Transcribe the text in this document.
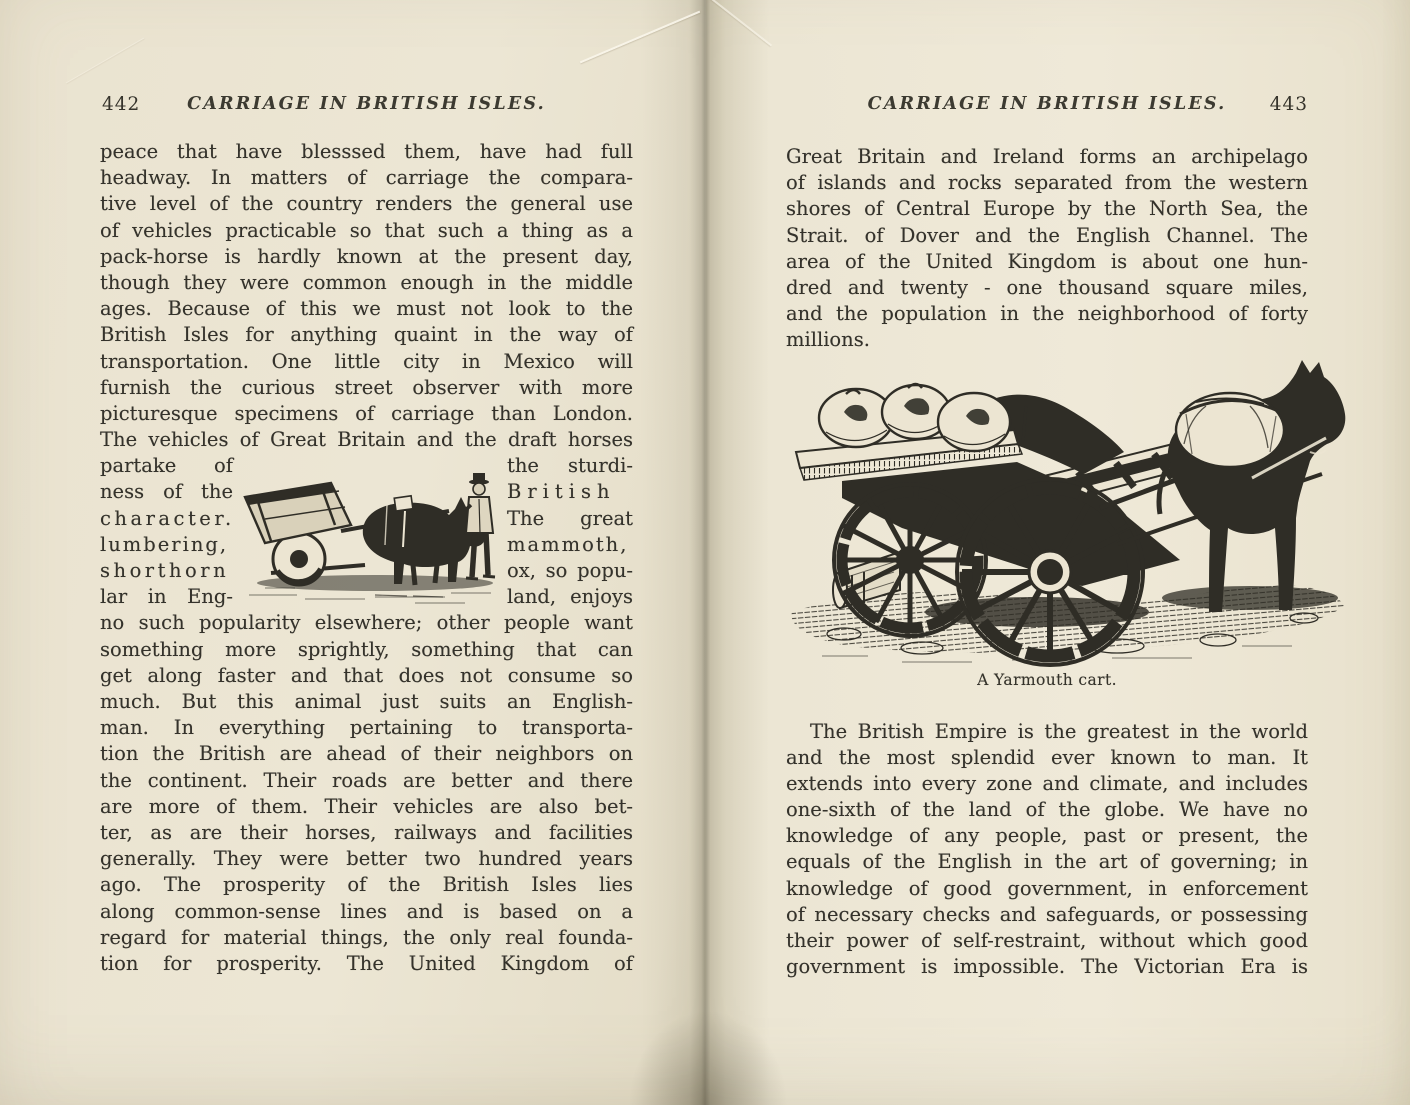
442	CARRIAGE IN BRITISH ISLES.
peace that have blesssed them, have had full
headway. In matters of carriage the compara-
tive level of the country renders the general use
of vehicles practicable so that such a thing as a
pack-horse is hardly known at the present day,
though they were common enough in the middle
ages. Because of this we must not look to the
British Isles for anything quaint in the way of
transportation. One little city in Mexico will
furnish the curious street observer with more
picturesque specimens of carriage than London.
The vehicles of Great Britain and the draft horses
partake of
ness of the
character.
lumbering,
shorthorn
lar in Eng-
the sturdi-
British
The great
mammoth,
ox, so popu-
land, enjoys
no such popularity elsewhere; other people want
something more sprightly, something that can
get along faster and that does not consume so
much. But this animal just suits an English-
man. In everything pertaining to transporta-
tion the British are ahead of their neighbors on
the continent. Their roads are better and there
are more of them. Their vehicles are also bet-
ter, as are their horses, railways and facilities
generally. They were better two hundred years
ago. The prosperity of the British Isles lies
along common-sense lines and is based on a
regard for material things, the only real founda-
tion for prosperity. The United Kingdom of
CARRIAGE IN BRITISH ISLES.	443
Great Britain and Ireland forms an archipelago
of islands and rocks separated from the western
shores of Central Europe by the North Sea, the
Strait. of Dover and the English Channel. The
area of the United Kingdom is about one hun-
dred and twenty - one thousand square miles,
and the population in the neighborhood of forty
millions.
A Yarmouth cart.
The British Empire is the greatest in the world
and the most splendid ever known to man. It
extends into every zone and climate, and includes
one-sixth of the land of the globe. We have no
knowledge of any people, past or present, the
equals of the English in the art of governing; in
knowledge of good government, in enforcement
of necessary checks and safeguards, or possessing
their power of self-restraint, without which good
government is impossible. The Victorian Era is
